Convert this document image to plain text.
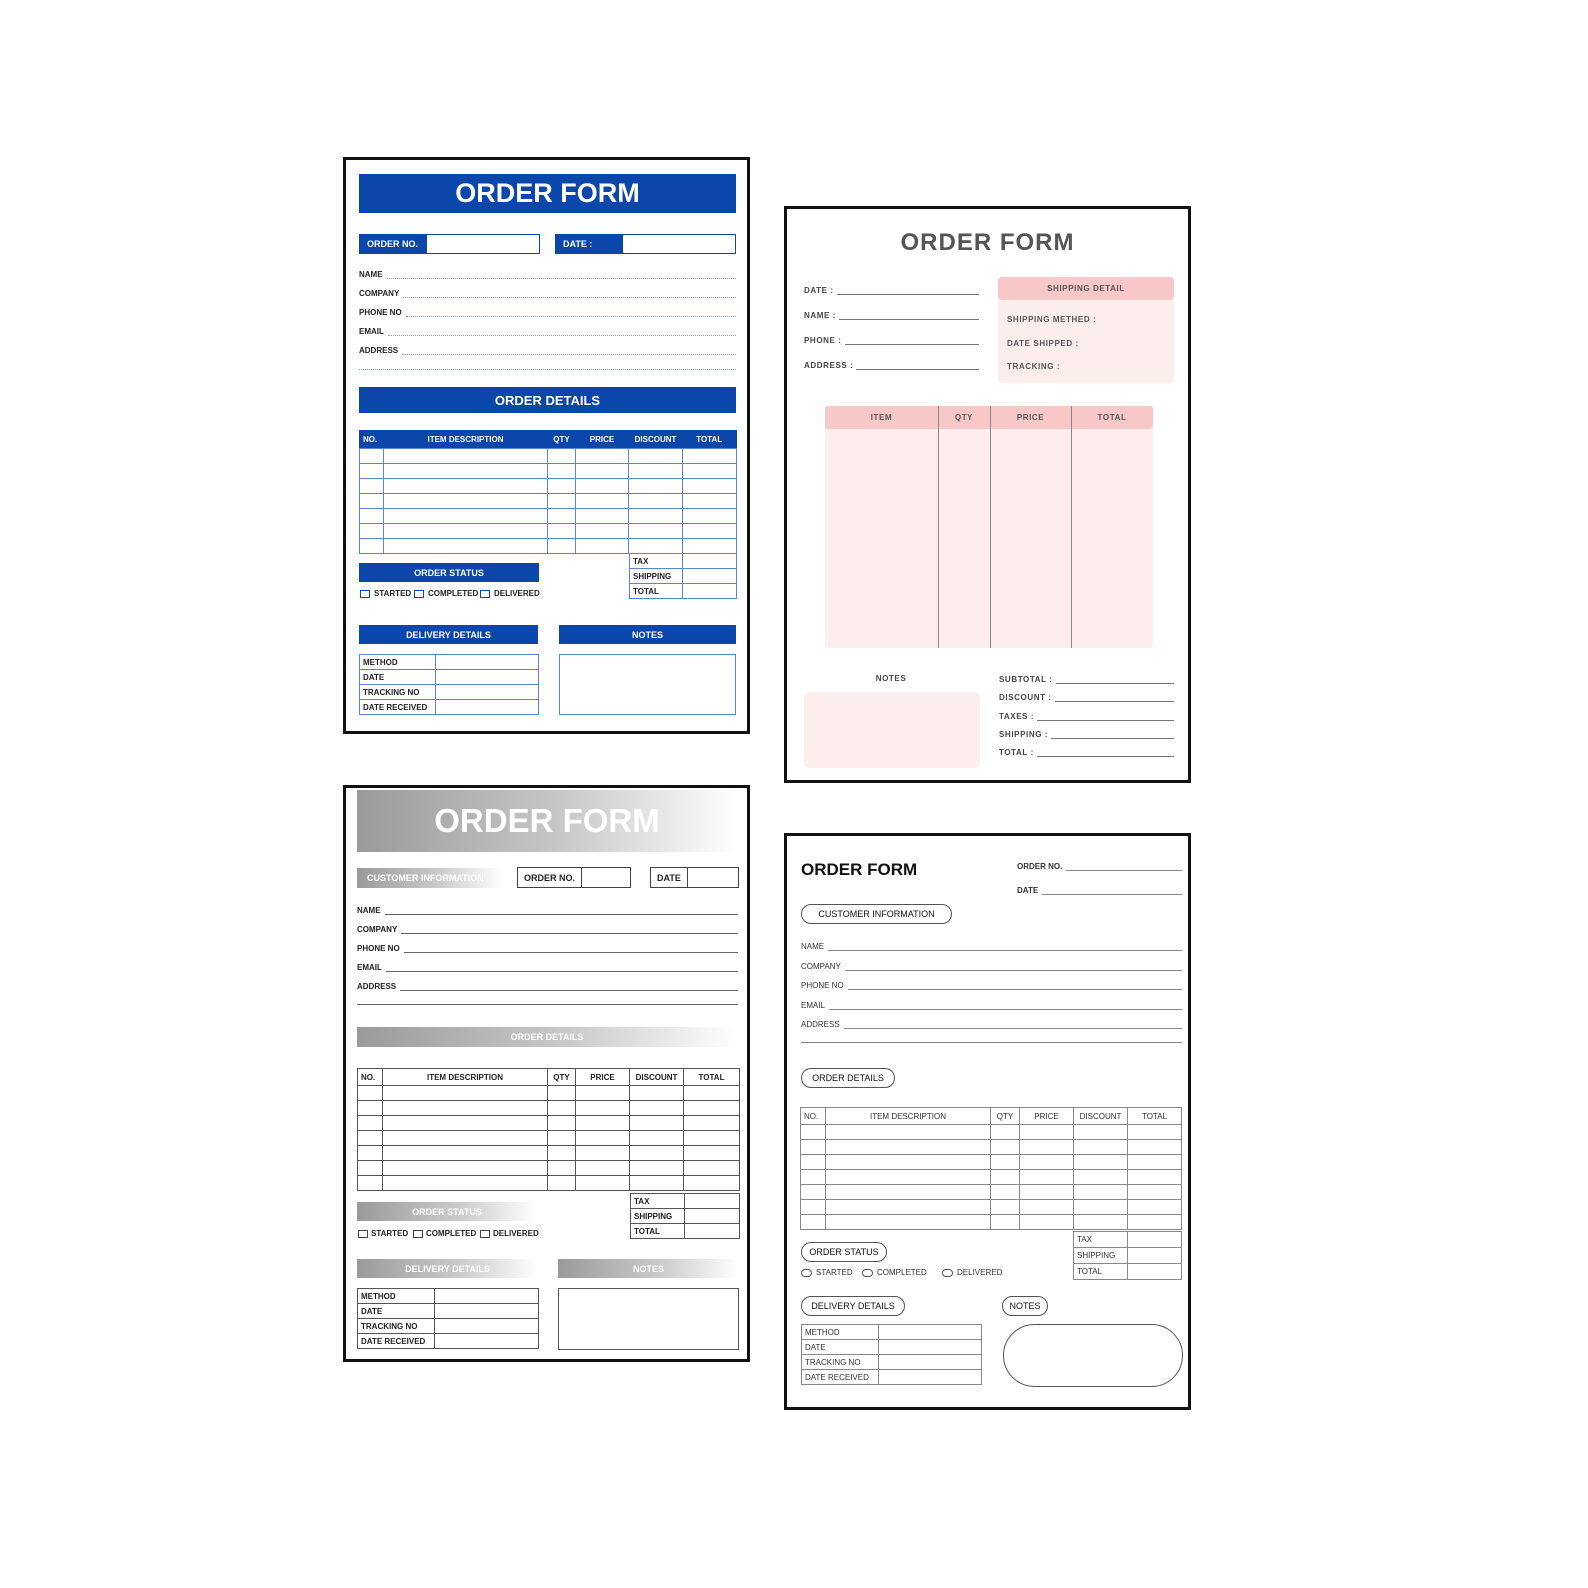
ORDER FORM
ORDER NO.	DATE :
NAME
COMPANY
PHONE NO
EMAIL
ADDRESS
ORDER DETAILS
NO.	ITEM DESCRIPTION	QTY	PRICE	DISCOUNT	TOTAL

TAX	
SHIPPING	
TOTAL	
ORDER STATUS
STARTED COMPLETED DELIVERED
DELIVERY DETAILS	NOTES
METHOD	
DATE	
TRACKING NO	
DATE RECEIVED	
ORDER FORM
DATE :
NAME :
PHONE :
ADDRESS :
SHIPPING DETAIL
SHIPPING METHED :
DATE SHIPPED :
TRACKING :
ITEM	QTY	PRICE	TOTAL
NOTES	SUBTOTAL :
DISCOUNT :
TAXES :
SHIPPING :
TOTAL :
ORDER FORM
CUSTOMER INFORMATION	ORDER NO.	DATE
NAME
COMPANY
PHONE NO
EMAIL
ADDRESS
ORDER DETAILS
NO.	ITEM DESCRIPTION	QTY	PRICE	DISCOUNT	TOTAL

TAX	
SHIPPING	
TOTAL	
ORDER STATUS
STARTED COMPLETED DELIVERED
DELIVERY DETAILS	NOTES
METHOD	
DATE	
TRACKING NO	
DATE RECEIVED	
ORDER FORM	ORDER NO.
DATE
CUSTOMER INFORMATION
NAME
COMPANY
PHONE NO
EMAIL
ADDRESS
ORDER DETAILS
NO.	ITEM DESCRIPTION	QTY	PRICE	DISCOUNT	TOTAL

TAX	
SHIPPING	
TOTAL	
ORDER STATUS
STARTED	COMPLETED	DELIVERED
DELIVERY DETAILS	NOTES
METHOD	
DATE	
TRACKING NO	
DATE RECEIVED	
